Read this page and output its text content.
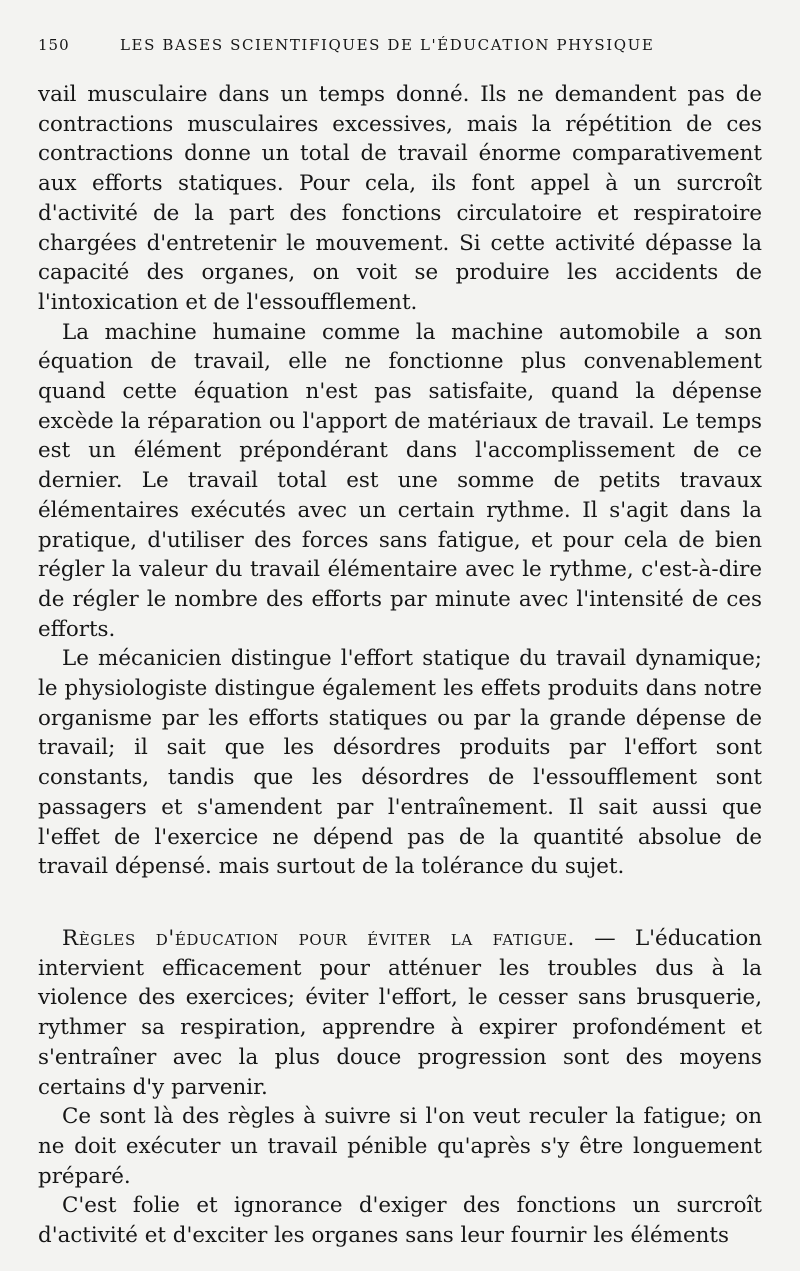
150	LES BASES SCIENTIFIQUES DE L'ÉDUCATION PHYSIQUE

vail musculaire dans un temps donné. Ils ne demandent pas de contractions musculaires excessives, mais la répétition de ces contractions donne un total de travail énorme comparativement aux efforts statiques. Pour cela, ils font appel à un surcroît d'activité de la part des fonctions circulatoire et respiratoire chargées d'entretenir le mouvement. Si cette activité dépasse la capacité des organes, on voit se produire les accidents de l'intoxication et de l'essoufflement.

La machine humaine comme la machine automobile a son équation de travail, elle ne fonctionne plus convenablement quand cette équation n'est pas satisfaite, quand la dépense excède la réparation ou l'apport de matériaux de travail. Le temps est un élément prépondérant dans l'accomplissement de ce dernier. Le travail total est une somme de petits travaux élémentaires exécutés avec un certain rythme. Il s'agit dans la pratique, d'utiliser des forces sans fatigue, et pour cela de bien régler la valeur du travail élémentaire avec le rythme, c'est-à-dire de régler le nombre des efforts par minute avec l'intensité de ces efforts.

Le mécanicien distingue l'effort statique du travail dynamique; le physiologiste distingue également les effets produits dans notre organisme par les efforts statiques ou par la grande dépense de travail; il sait que les désordres produits par l'effort sont constants, tandis que les désordres de l'essoufflement sont passagers et s'amendent par l'entraînement. Il sait aussi que l'effet de l'exercice ne dépend pas de la quantité absolue de travail dépensé. mais surtout de la tolérance du sujet.

Règles d'éducation pour éviter la fatigue. — L'éducation intervient efficacement pour atténuer les troubles dus à la violence des exercices; éviter l'effort, le cesser sans brusquerie, rythmer sa respiration, apprendre à expirer profondément et s'entraîner avec la plus douce progression sont des moyens certains d'y parvenir.

Ce sont là des règles à suivre si l'on veut reculer la fatigue; on ne doit exécuter un travail pénible qu'après s'y être longuement préparé.

C'est folie et ignorance d'exiger des fonctions un surcroît d'activité et d'exciter les organes sans leur fournir les éléments
